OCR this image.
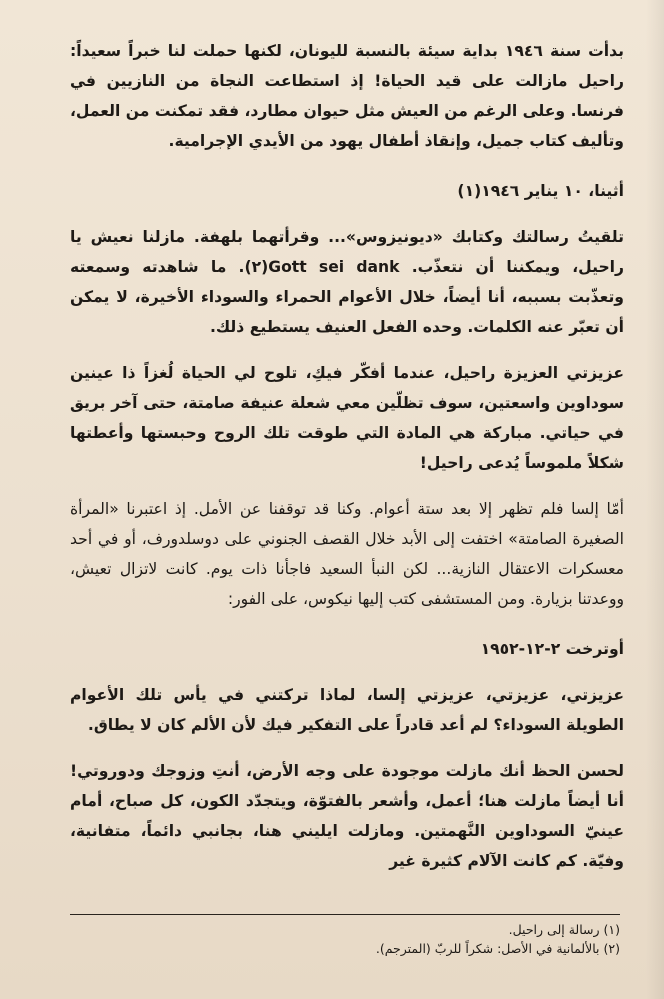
بدأت سنة ١٩٤٦ بداية سيئة بالنسبة لليونان، لكنها حملت لنا خبراً سعيداً: راحيل مازالت على قيد الحياة! إذ استطاعت النجاة من النازيين في فرنسا. وعلى الرغم من العيش مثل حيوان مطارد، فقد تمكنت من العمل، وتأليف كتاب جميل، وإنقاذ أطفال يهود من الأيدي الإجرامية.

أثينا، ١٠ يناير ١٩٤٦(١)

تلقيتُ رسالتك وكتابك «ديونيزوس»... وقرأتهما بلهفة. مازلنا نعيش يا راحيل، ويمكننا أن نتعذّب. Gott sei dank(٢). ما شاهدته وسمعته وتعذّبت بسببه، أنا أيضاً، خلال الأعوام الحمراء والسوداء الأخيرة، لا يمكن أن تعبّر عنه الكلمات. وحده الفعل العنيف يستطيع ذلك.

عزيزتي العزيزة راحيل، عندما أفكّر فيكِ، تلوح لي الحياة لُغزاً ذا عينين سوداوين واسعتين، سوف تظلّين معي شعلة عنيفة صامتة، حتى آخر بريق في حياتي. مباركة هي المادة التي طوقت تلك الروح وحبستها وأعطتها شكلاً ملموساً يُدعى راحيل!

أمّا إلسا فلم تظهر إلا بعد ستة أعوام. وكنا قد توقفنا عن الأمل. إذ اعتبرنا «المرأة الصغيرة الصامتة» اختفت إلى الأبد خلال القصف الجنوني على دوسلدورف، أو في أحد معسكرات الاعتقال النازية... لكن النبأ السعيد فاجأنا ذات يوم. كانت لاتزال تعيش، ووعدتنا بزيارة. ومن المستشفى كتب إليها نيكوس، على الفور:

أوترخت ٢-١٢-١٩٥٢

عزيزتي، عزيزتي، عزيزتي إلسا، لماذا تركتني في يأس تلك الأعوام الطويلة السوداء؟ لم أعد قادراً على التفكير فيك لأن الألم كان لا يطاق.

لحسن الحظ أنك مازلت موجودة على وجه الأرض، أنتِ وزوجك ودوروتي! أنا أيضاً مازلت هنا؛ أعمل، وأشعر بالفتوّة، ويتجدّد الكون، كل صباح، أمام عينيّ السوداوين النَّهمتين. ومازلت ايليني هنا، بجانبي دائماً، متفانية، وفيّة. كم كانت الآلام كثيرة غير

(١) رسالة إلى راحيل.

(٢) بالألمانية في الأصل: شكراً للربّ (المترجم).
